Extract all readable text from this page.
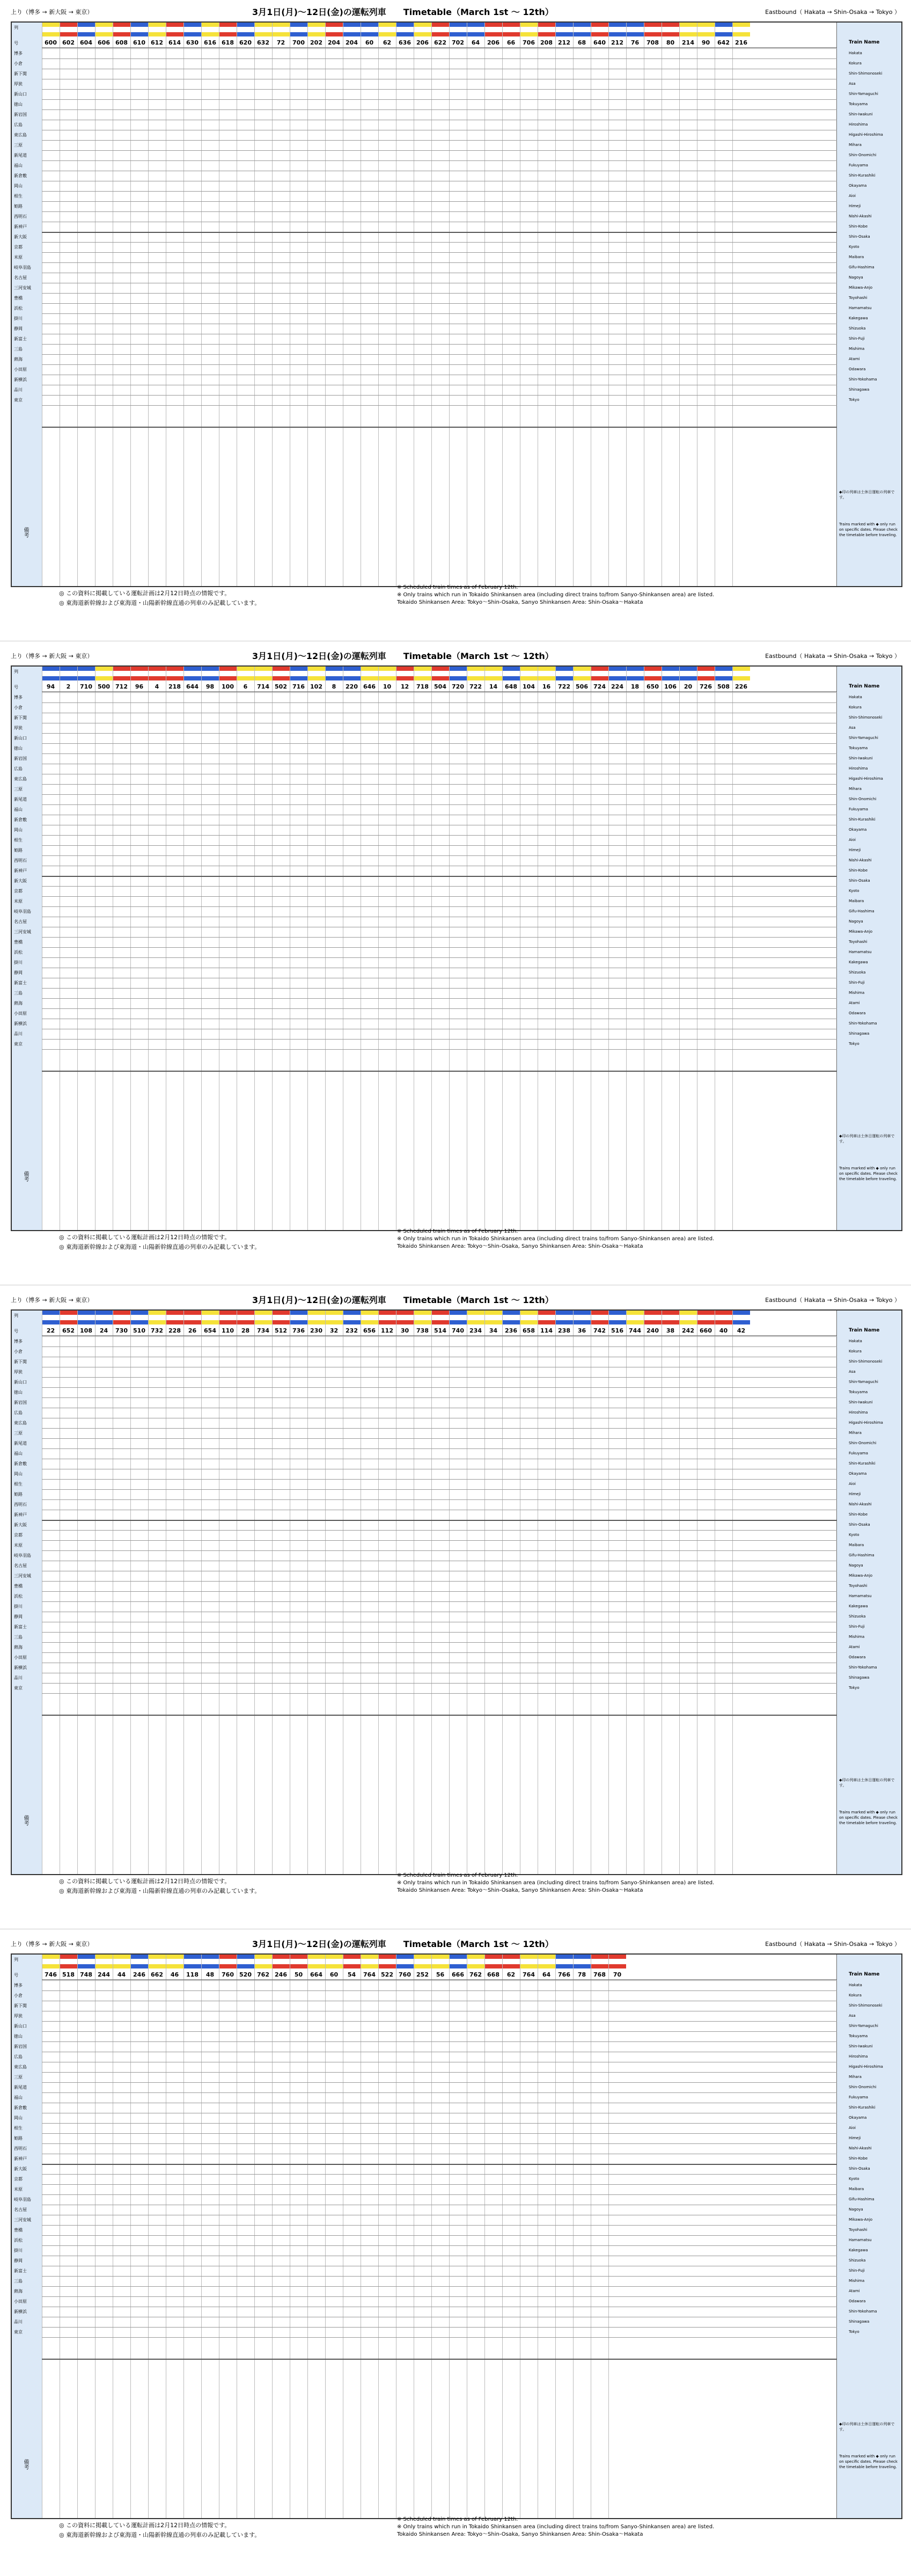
上り（博多 → 新大阪 → 東京）	3月1日(月)〜12日(金)の運転列車　　Timetable（March 1st 〜 12th）	Eastbound（ Hakata → Shin-Osaka → Tokyo ）
列
号
博多
小倉
新下関
厚狭
新山口
徳山
新岩国
広島
東広島
三原
新尾道
福山
新倉敷
岡山
相生
姫路
西明石
新神戸
新大阪
京都
米原
岐阜羽島
名古屋
三河安城
豊橋
浜松
掛川
静岡
新富士
三島
熱海
小田原
新横浜
品川
東京
備考
Train Name
Hakata
Kokura
Shin-Shimonoseki
Asa
Shin-Yamaguchi
Tokuyama
Shin-Iwakuni
Hiroshima
Higashi-Hiroshima
Mihara
Shin-Onomichi
Fukuyama
Shin-Kurashiki
Okayama
Aioi
Himeji
Nishi-Akashi
Shin-Kobe
Shin-Osaka
Kyoto
Maibara
Gifu-Hashima
Nagoya
Mikawa-Anjo
Toyohashi
Hamamatsu
Kakegawa
Shizuoka
Shin-Fuji
Mishima
Atami
Odawara
Shin-Yokohama
Shinagawa
Tokyo
◆印の列車は土休日運転の列車です。
Trains marked with ◆ only run on specific dates. Please check the timetable before traveling.
600 602 604 606 608 610 612 614 630 616 618 620 632	72	700 202 204 204	60	62	636 206 622 702	64	206	66	706 208 212	68	640 212	76	708	80	214	90	642 216
◎ この資料に掲載している運転計画は2月12日時点の情報です。
◎ 東海道新幹線および東海道・山陽新幹線直通の列車のみ記載しています。
※ Scheduled train times as of February 12th.
※ Only trains which run in Tokaido Shinkansen area (including direct trains to/from Sanyo-Shinkansen area) are listed.
Tokaido Shinkansen Area: Tokyo〜Shin-Osaka, Sanyo Shinkansen Area: Shin-Osaka〜Hakata
上り（博多 → 新大阪 → 東京）	3月1日(月)〜12日(金)の運転列車　　Timetable（March 1st 〜 12th）	Eastbound（ Hakata → Shin-Osaka → Tokyo ）
列
号
博多
小倉
新下関
厚狭
新山口
徳山
新岩国
広島
東広島
三原
新尾道
福山
新倉敷
岡山
相生
姫路
西明石
新神戸
新大阪
京都
米原
岐阜羽島
名古屋
三河安城
豊橋
浜松
掛川
静岡
新富士
三島
熱海
小田原
新横浜
品川
東京
備考
Train Name
Hakata
Kokura
Shin-Shimonoseki
Asa
Shin-Yamaguchi
Tokuyama
Shin-Iwakuni
Hiroshima
Higashi-Hiroshima
Mihara
Shin-Onomichi
Fukuyama
Shin-Kurashiki
Okayama
Aioi
Himeji
Nishi-Akashi
Shin-Kobe
Shin-Osaka
Kyoto
Maibara
Gifu-Hashima
Nagoya
Mikawa-Anjo
Toyohashi
Hamamatsu
Kakegawa
Shizuoka
Shin-Fuji
Mishima
Atami
Odawara
Shin-Yokohama
Shinagawa
Tokyo
◆印の列車は土休日運転の列車です。
Trains marked with ◆ only run on specific dates. Please check the timetable before traveling.
94	2	710 500 712	96	4	218 644	98	100	6	714 502 716 102	8	220 646	10	12	718 504 720 722	14	648 104	16	722 506 724 224	18	650 106	20	726 508 226
◎ この資料に掲載している運転計画は2月12日時点の情報です。
◎ 東海道新幹線および東海道・山陽新幹線直通の列車のみ記載しています。
※ Scheduled train times as of February 12th.
※ Only trains which run in Tokaido Shinkansen area (including direct trains to/from Sanyo-Shinkansen area) are listed.
Tokaido Shinkansen Area: Tokyo〜Shin-Osaka, Sanyo Shinkansen Area: Shin-Osaka〜Hakata
上り（博多 → 新大阪 → 東京）	3月1日(月)〜12日(金)の運転列車　　Timetable（March 1st 〜 12th）	Eastbound（ Hakata → Shin-Osaka → Tokyo ）
列
号
博多
小倉
新下関
厚狭
新山口
徳山
新岩国
広島
東広島
三原
新尾道
福山
新倉敷
岡山
相生
姫路
西明石
新神戸
新大阪
京都
米原
岐阜羽島
名古屋
三河安城
豊橋
浜松
掛川
静岡
新富士
三島
熱海
小田原
新横浜
品川
東京
備考
Train Name
Hakata
Kokura
Shin-Shimonoseki
Asa
Shin-Yamaguchi
Tokuyama
Shin-Iwakuni
Hiroshima
Higashi-Hiroshima
Mihara
Shin-Onomichi
Fukuyama
Shin-Kurashiki
Okayama
Aioi
Himeji
Nishi-Akashi
Shin-Kobe
Shin-Osaka
Kyoto
Maibara
Gifu-Hashima
Nagoya
Mikawa-Anjo
Toyohashi
Hamamatsu
Kakegawa
Shizuoka
Shin-Fuji
Mishima
Atami
Odawara
Shin-Yokohama
Shinagawa
Tokyo
◆印の列車は土休日運転の列車です。
Trains marked with ◆ only run on specific dates. Please check the timetable before traveling.
22	652 108	24	730 510 732 228	26	654 110	28	734 512 736 230	32	232 656 112	30	738 514 740 234	34	236 658 114 238	36	742 516 744 240	38	242 660	40	42
◎ この資料に掲載している運転計画は2月12日時点の情報です。
◎ 東海道新幹線および東海道・山陽新幹線直通の列車のみ記載しています。
※ Scheduled train times as of February 12th.
※ Only trains which run in Tokaido Shinkansen area (including direct trains to/from Sanyo-Shinkansen area) are listed.
Tokaido Shinkansen Area: Tokyo〜Shin-Osaka, Sanyo Shinkansen Area: Shin-Osaka〜Hakata
上り（博多 → 新大阪 → 東京）	3月1日(月)〜12日(金)の運転列車　　Timetable（March 1st 〜 12th）	Eastbound（ Hakata → Shin-Osaka → Tokyo ）
列
号
博多
小倉
新下関
厚狭
新山口
徳山
新岩国
広島
東広島
三原
新尾道
福山
新倉敷
岡山
相生
姫路
西明石
新神戸
新大阪
京都
米原
岐阜羽島
名古屋
三河安城
豊橋
浜松
掛川
静岡
新富士
三島
熱海
小田原
新横浜
品川
東京
備考
Train Name
Hakata
Kokura
Shin-Shimonoseki
Asa
Shin-Yamaguchi
Tokuyama
Shin-Iwakuni
Hiroshima
Higashi-Hiroshima
Mihara
Shin-Onomichi
Fukuyama
Shin-Kurashiki
Okayama
Aioi
Himeji
Nishi-Akashi
Shin-Kobe
Shin-Osaka
Kyoto
Maibara
Gifu-Hashima
Nagoya
Mikawa-Anjo
Toyohashi
Hamamatsu
Kakegawa
Shizuoka
Shin-Fuji
Mishima
Atami
Odawara
Shin-Yokohama
Shinagawa
Tokyo
◆印の列車は土休日運転の列車です。
Trains marked with ◆ only run on specific dates. Please check the timetable before traveling.
746 518 748 244	44	246 662	46	118	48	760 520 762 246	50	664	60	54	764 522 760 252	56	666 762 668	62	764	64	766	78	768	70
◎ この資料に掲載している運転計画は2月12日時点の情報です。
◎ 東海道新幹線および東海道・山陽新幹線直通の列車のみ記載しています。
※ Scheduled train times as of February 12th.
※ Only trains which run in Tokaido Shinkansen area (including direct trains to/from Sanyo-Shinkansen area) are listed.
Tokaido Shinkansen Area: Tokyo〜Shin-Osaka, Sanyo Shinkansen Area: Shin-Osaka〜Hakata
